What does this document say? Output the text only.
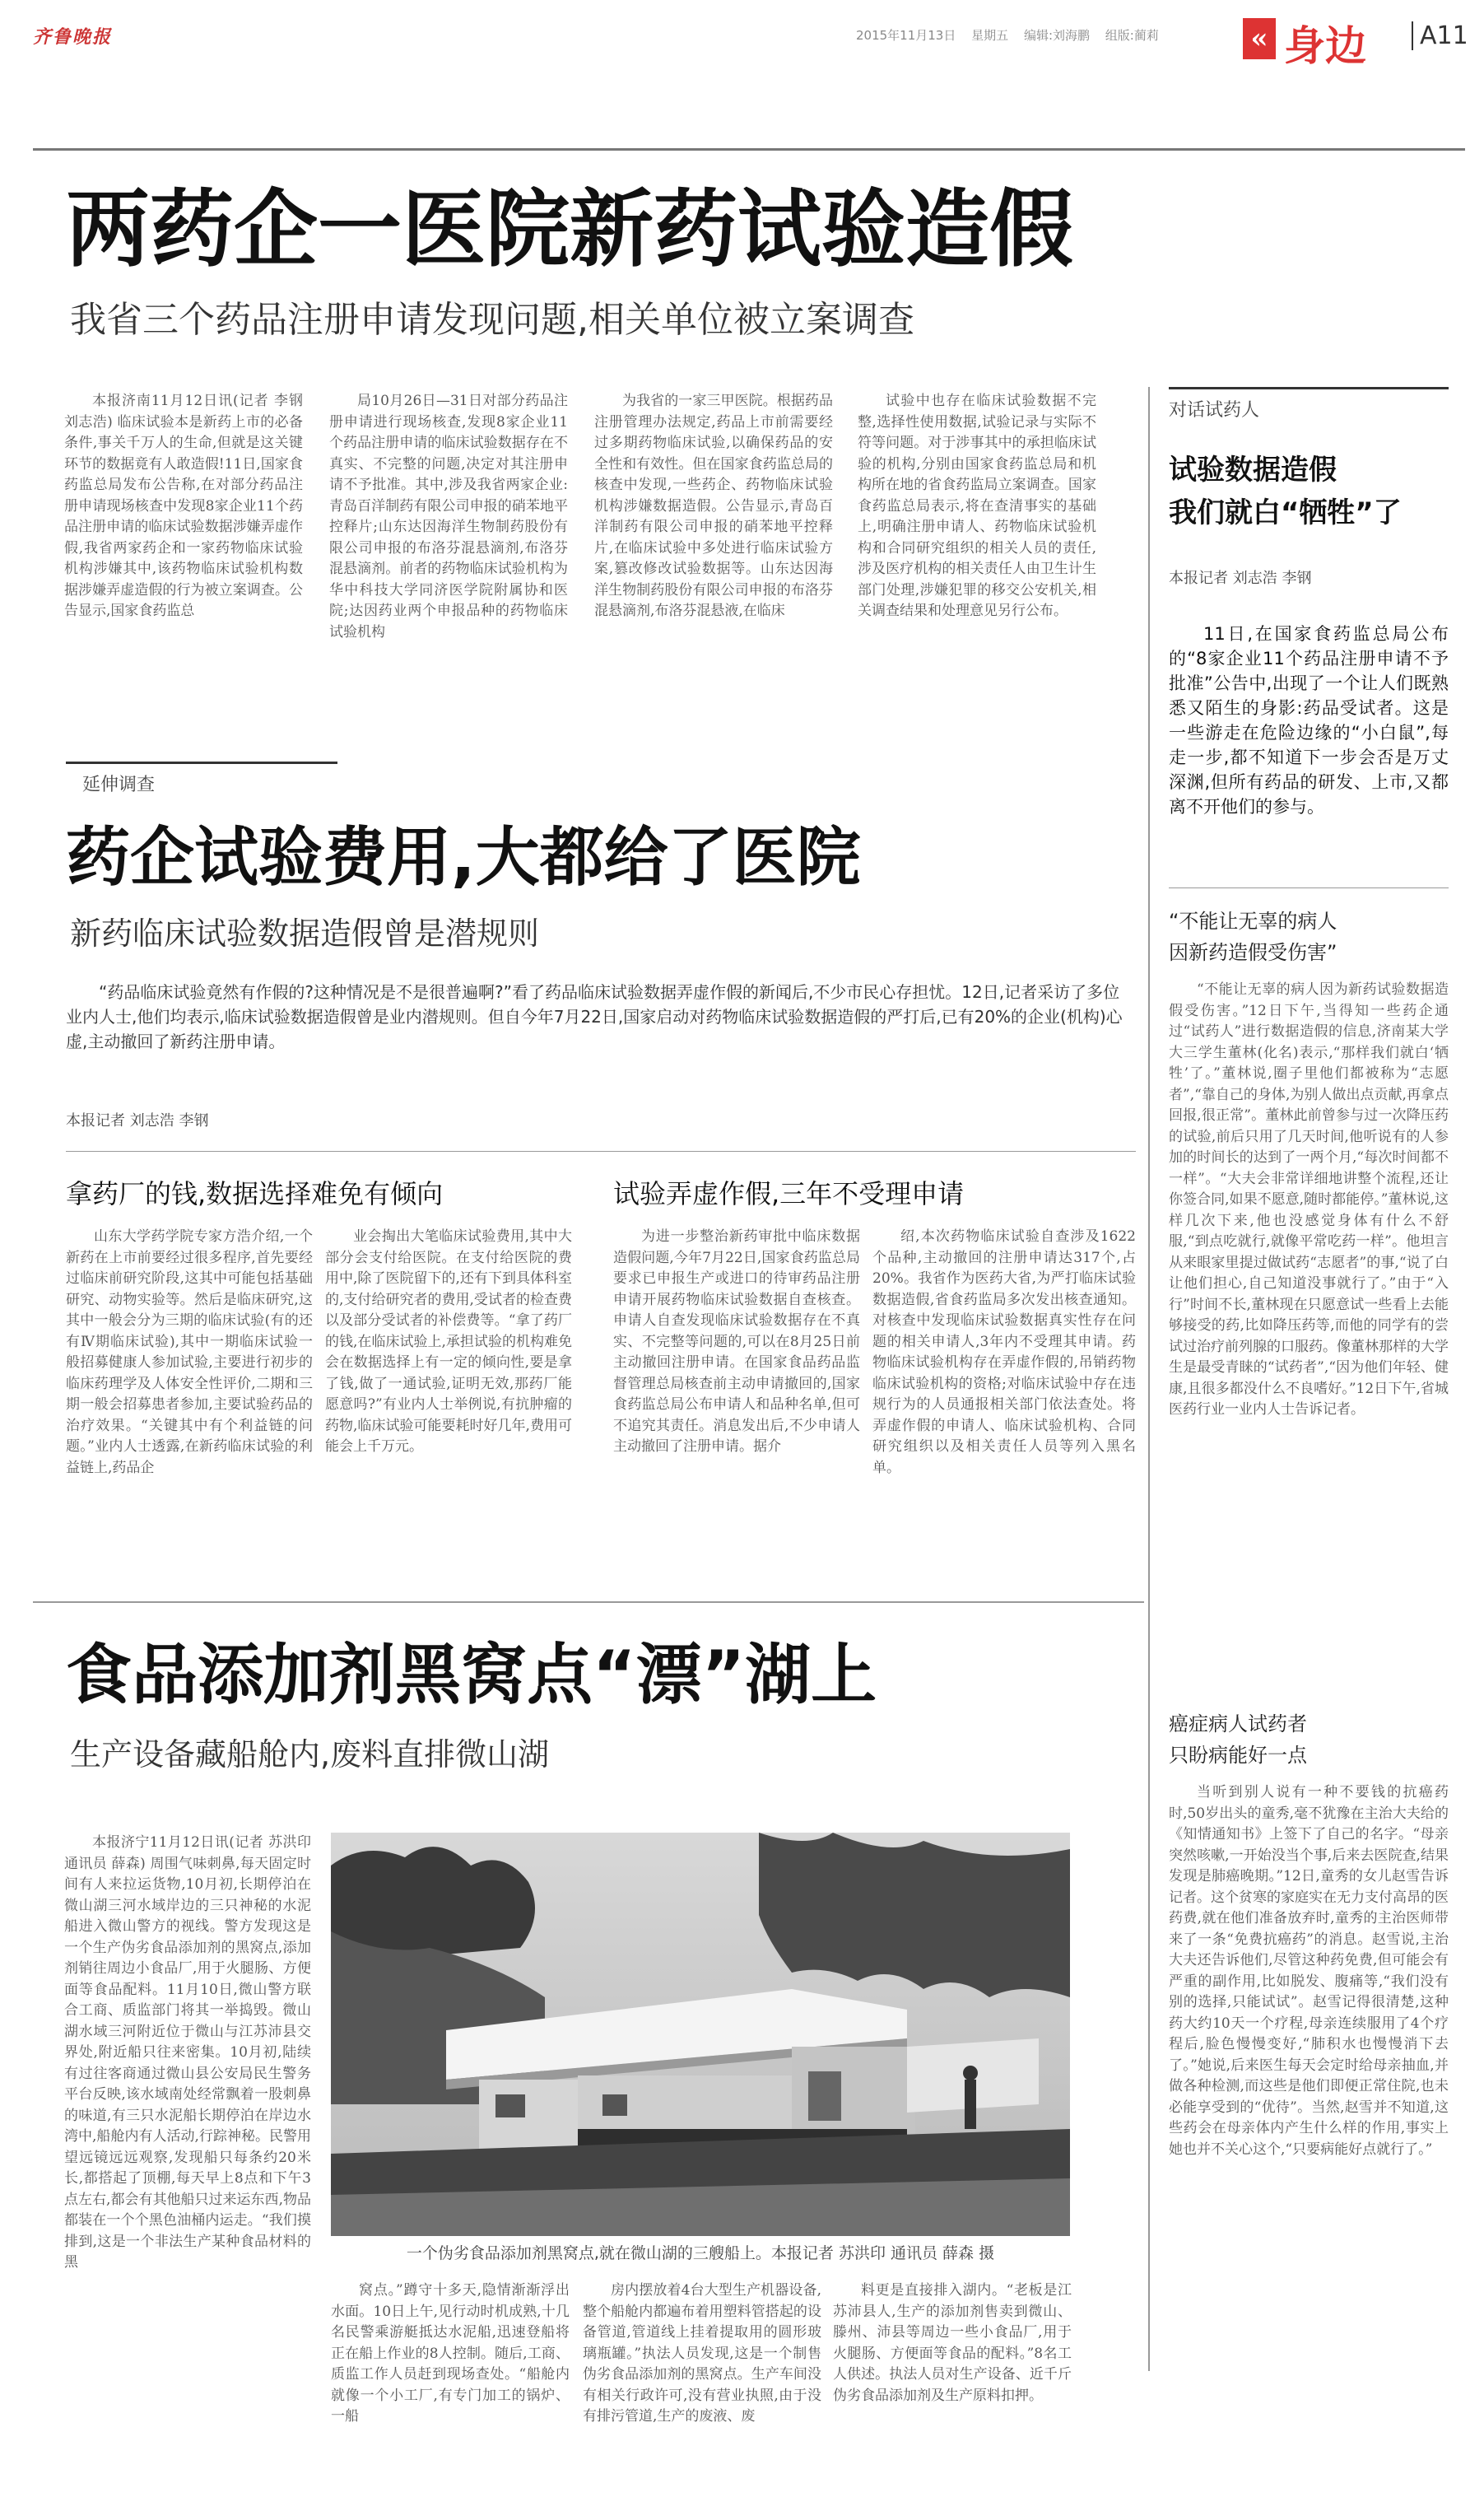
齐鲁晚报	2015年11月13日 星期五 编辑:刘海鹏 组版:蔺莉	« 身边	A11
两药企一医院新药试验造假
我省三个药品注册申请发现问题,相关单位被立案调查

本报济南11月12日讯(记者 李钢 刘志浩) 临床试验本是新药上市的必备条件,事关千万人的生命,但就是这关键环节的数据竟有人敢造假!11日,国家食药监总局发布公告称,在对部分药品注册申请现场核查中发现8家企业11个药品注册申请的临床试验数据涉嫌弄虚作假,我省两家药企和一家药物临床试验机构涉嫌其中,该药物临床试验机构数据涉嫌弄虚造假的行为被立案调查。公告显示,国家食药监总

局10月26日—31日对部分药品注册申请进行现场核查,发现8家企业11个药品注册申请的临床试验数据存在不真实、不完整的问题,决定对其注册申请不予批准。其中,涉及我省两家企业:青岛百洋制药有限公司申报的硝苯地平控释片;山东达因海洋生物制药股份有限公司申报的布洛芬混悬滴剂,布洛芬混悬滴剂。前者的药物临床试验机构为华中科技大学同济医学院附属协和医院;达因药业两个申报品种的药物临床试验机构

为我省的一家三甲医院。根据药品注册管理办法规定,药品上市前需要经过多期药物临床试验,以确保药品的安全性和有效性。但在国家食药监总局的核查中发现,一些药企、药物临床试验机构涉嫌数据造假。公告显示,青岛百洋制药有限公司申报的硝苯地平控释片,在临床试验中多处进行临床试验方案,篡改修改试验数据等。山东达因海洋生物制药股份有限公司申报的布洛芬混悬滴剂,布洛芬混悬液,在临床

试验中也存在临床试验数据不完整,选择性使用数据,试验记录与实际不符等问题。对于涉事其中的承担临床试验的机构,分别由国家食药监总局和机构所在地的省食药监局立案调查。国家食药监总局表示,将在查清事实的基础上,明确注册申请人、药物临床试验机构和合同研究组织的相关人员的责任,涉及医疗机构的相关责任人由卫生计生部门处理,涉嫌犯罪的移交公安机关,相关调查结果和处理意见另行公布。

对话试药人
试验数据造假
我们就白“牺牲”了
本报记者 刘志浩 李钢

11日,在国家食药监总局公布的“8家企业11个药品注册申请不予批准”公告中,出现了一个让人们既熟悉又陌生的身影:药品受试者。这是一些游走在危险边缘的“小白鼠”,每走一步,都不知道下一步会否是万丈深渊,但所有药品的研发、上市,又都离不开他们的参与。

“不能让无辜的病人
因新药造假受伤害”

“不能让无辜的病人因为新药试验数据造假受伤害。”12日下午,当得知一些药企通过“试药人”进行数据造假的信息,济南某大学大三学生董林(化名)表示,“那样我们就白‘牺牲’了。”董林说,圈子里他们都被称为“志愿者”,“靠自己的身体,为别人做出点贡献,再拿点回报,很正常”。董林此前曾参与过一次降压药的试验,前后只用了几天时间,他听说有的人参加的时间长的达到了一两个月,“每次时间都不一样”。“大夫会非常详细地讲整个流程,还让你签合同,如果不愿意,随时都能停。”董林说,这样几次下来,他也没感觉身体有什么不舒服,“到点吃就行,就像平常吃药一样”。他坦言从来眼家里提过做试药“志愿者”的事,“说了白让他们担心,自己知道没事就行了。”由于“入行”时间不长,董林现在只愿意试一些看上去能够接受的药,比如降压药等,而他的同学有的尝试过治疗前列腺的口服药。像董林那样的大学生是最受青睐的“试药者”,“因为他们年轻、健康,且很多都没什么不良嗜好。”12日下午,省城医药行业一业内人士告诉记者。

癌症病人试药者
只盼病能好一点

当听到别人说有一种不要钱的抗癌药时,50岁出头的童秀,毫不犹豫在主治大夫给的《知情通知书》上签下了自己的名字。“母亲突然咳嗽,一开始没当个事,后来去医院查,结果发现是肺癌晚期。”12日,童秀的女儿赵雪告诉记者。这个贫寒的家庭实在无力支付高昂的医药费,就在他们准备放弃时,童秀的主治医师带来了一条“免费抗癌药”的消息。赵雪说,主治大夫还告诉他们,尽管这种药免费,但可能会有严重的副作用,比如脱发、腹痛等,“我们没有别的选择,只能试试”。赵雪记得很清楚,这种药大约10天一个疗程,母亲连续服用了4个疗程后,脸色慢慢变好,“肺积水也慢慢消下去了。”她说,后来医生每天会定时给母亲抽血,并做各种检测,而这些是他们即便正常住院,也未必能享受到的“优待”。当然,赵雪并不知道,这些药会在母亲体内产生什么样的作用,事实上她也并不关心这个,“只要病能好点就行了。”

延伸调查
药企试验费用,大都给了医院
新药临床试验数据造假曾是潜规则
“药品临床试验竟然有作假的?这种情况是不是很普遍啊?”看了药品临床试验数据弄虚作假的新闻后,不少市民心存担忧。12日,记者采访了多位业内人士,他们均表示,临床试验数据造假曾是业内潜规则。但自今年7月22日,国家启动对药物临床试验数据造假的严打后,已有20%的企业(机构)心虚,主动撤回了新药注册申请。
本报记者 刘志浩 李钢
拿药厂的钱,数据选择难免有倾向	试验弄虚作假,三年不受理申请

山东大学药学院专家方浩介绍,一个新药在上市前要经过很多程序,首先要经过临床前研究阶段,这其中可能包括基础研究、动物实验等。然后是临床研究,这其中一般会分为三期的临床试验(有的还有Ⅳ期临床试验),其中一期临床试验一般招募健康人参加试验,主要进行初步的临床药理学及人体安全性评价,二期和三期一般会招募患者参加,主要试验药品的治疗效果。“关键其中有个利益链的问题。”业内人士透露,在新药临床试验的利益链上,药品企

业会掏出大笔临床试验费用,其中大部分会支付给医院。在支付给医院的费用中,除了医院留下的,还有下到具体科室的,支付给研究者的费用,受试者的检查费以及部分受试者的补偿费等。“拿了药厂的钱,在临床试验上,承担试验的机构难免会在数据选择上有一定的倾向性,要是拿了钱,做了一通试验,证明无效,那药厂能愿意吗?”有业内人士举例说,有抗肿瘤的药物,临床试验可能要耗时好几年,费用可能会上千万元。

为进一步整治新药审批中临床数据造假问题,今年7月22日,国家食药监总局要求已申报生产或进口的待审药品注册申请开展药物临床试验数据自查核查。申请人自查发现临床试验数据存在不真实、不完整等问题的,可以在8月25日前主动撤回注册申请。在国家食品药品监督管理总局核查前主动申请撤回的,国家食药监总局公布申请人和品种名单,但可不追究其责任。消息发出后,不少申请人主动撤回了注册申请。据介

绍,本次药物临床试验自查涉及1622个品种,主动撤回的注册申请达317个,占20%。我省作为医药大省,为严打临床试验数据造假,省食药监局多次发出核查通知。对核查中发现临床试验数据真实性存在问题的相关申请人,3年内不受理其申请。药物临床试验机构存在弄虚作假的,吊销药物临床试验机构的资格;对临床试验中存在违规行为的人员通报相关部门依法查处。将弄虚作假的申请人、临床试验机构、合同研究组织以及相关责任人员等列入黑名单。

食品添加剂黑窝点“漂”湖上
生产设备藏船舱内,废料直排微山湖

本报济宁11月12日讯(记者 苏洪印 通讯员 薛森) 周围气味刺鼻,每天固定时间有人来拉运货物,10月初,长期停泊在微山湖三河水域岸边的三只神秘的水泥船进入微山警方的视线。警方发现这是一个生产伪劣食品添加剂的黑窝点,添加剂销往周边小食品厂,用于火腿肠、方便面等食品配料。11月10日,微山警方联合工商、质监部门将其一举捣毁。微山湖水域三河附近位于微山与江苏沛县交界处,附近船只往来密集。10月初,陆续有过往客商通过微山县公安局民生警务平台反映,该水域南处经常飘着一股刺鼻的味道,有三只水泥船长期停泊在岸边水湾中,船舱内有人活动,行踪神秘。民警用望远镜远远观察,发现船只每条约20米长,都搭起了顶棚,每天早上8点和下午3点左右,都会有其他船只过来运东西,物品都装在一个个黑色油桶内运走。“我们摸排到,这是一个非法生产某种食品材料的黑	一个伪劣食品添加剂黑窝点,就在微山湖的三艘船上。本报记者 苏洪印 通讯员 薛森 摄

窝点。”蹲守十多天,隐情渐渐浮出水面。10日上午,见行动时机成熟,十几名民警乘游艇抵达水泥船,迅速登船将正在船上作业的8人控制。随后,工商、质监工作人员赶到现场查处。“船舱内就像一个小工厂,有专门加工的锅炉、一船

房内摆放着4台大型生产机器设备,整个船舱内都遍布着用塑料管搭起的设备管道,管道线上挂着提取用的圆形玻璃瓶罐。”执法人员发现,这是一个制售伪劣食品添加剂的黑窝点。生产车间没有相关行政许可,没有营业执照,由于没有排污管道,生产的废液、废

料更是直接排入湖内。“老板是江苏沛县人,生产的添加剂售卖到微山、滕州、沛县等周边一些小食品厂,用于火腿肠、方便面等食品的配料。”8名工人供述。执法人员对生产设备、近千斤伪劣食品添加剂及生产原料扣押。
